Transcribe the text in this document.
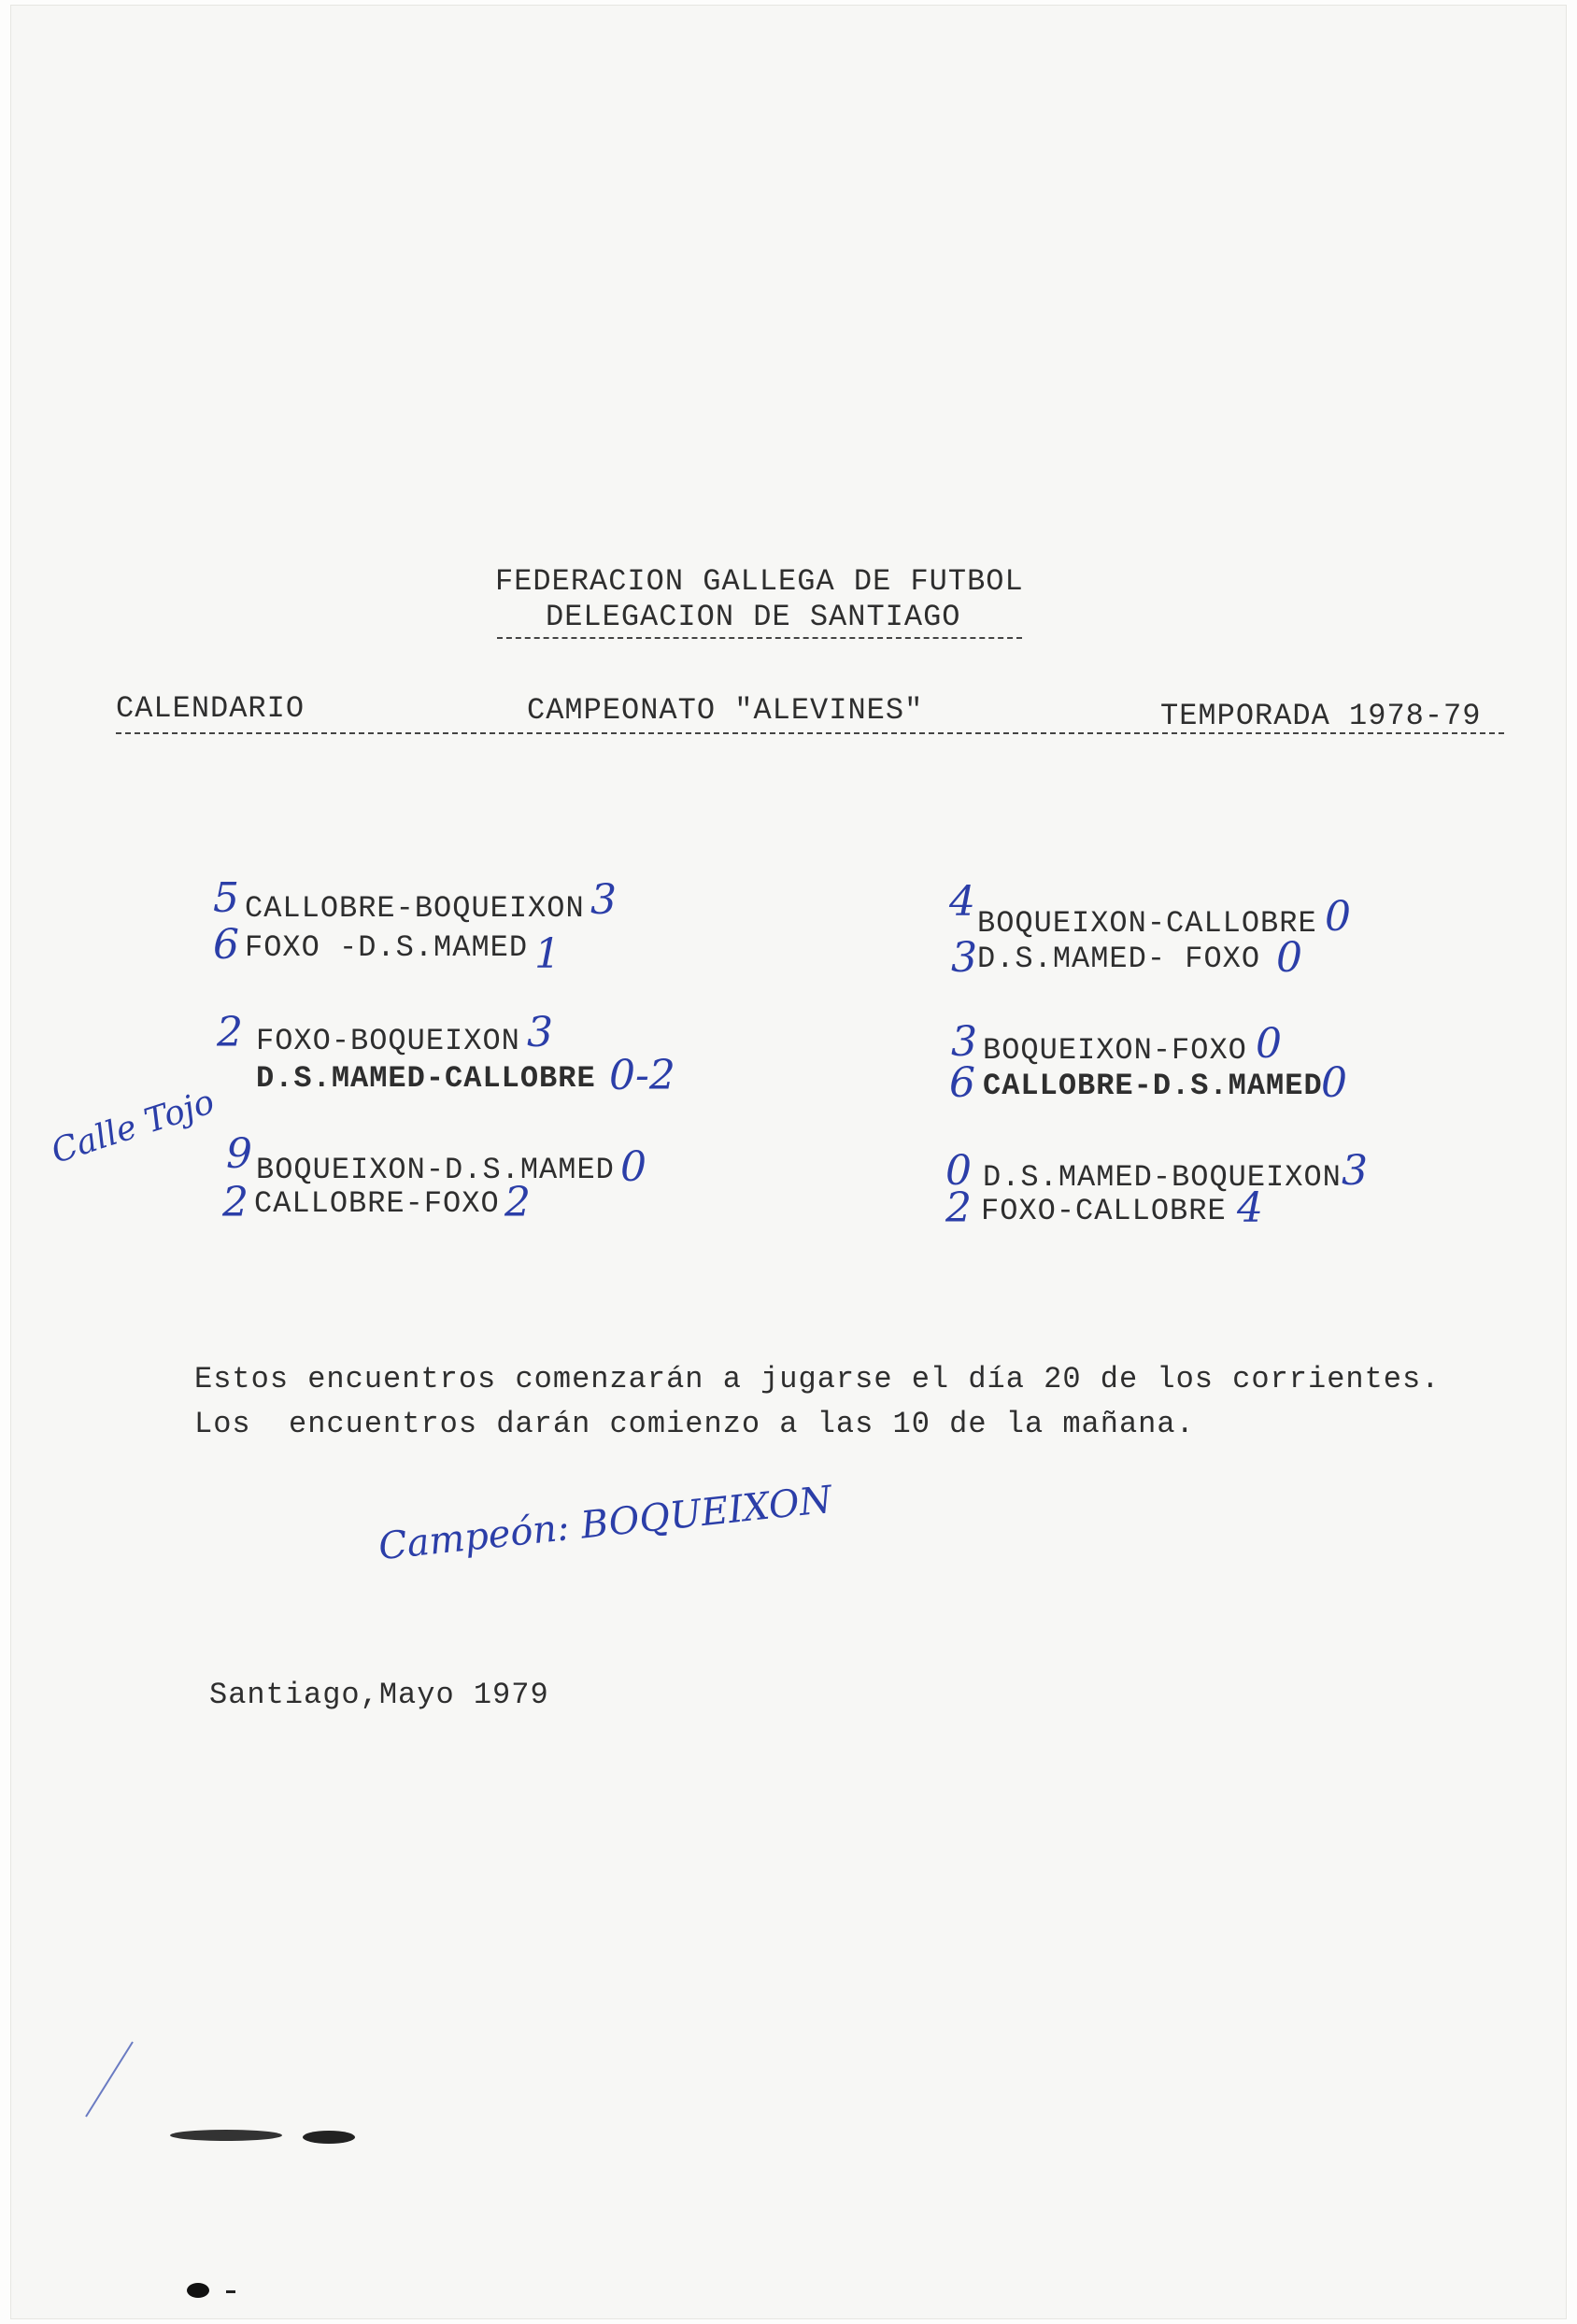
FEDERACION GALLEGA DE FUTBOL
DELEGACION DE SANTIAGO
CALENDARIO	CAMPEONATO "ALEVINES"	TEMPORADA 1978-79
5 CALLOBRE-BOQUEIXON 3
6 FOXO -D.S.MAMED 1
4 BOQUEIXON-CALLOBRE 0
3 D.S.MAMED- FOXO 0
2 FOXO-BOQUEIXON 3
D.S.MAMED-CALLOBRE 0-2
3 BOQUEIXON-FOXO 0
6 CALLOBRE-D.S.MAMED
0
Calle Tojo 9 BOQUEIXON-D.S.MAMED 0
2 CALLOBRE-FOXO 2
0 D.S.MAMED-BOQUEIXON 3
2 FOXO-CALLOBRE 4
Estos encuentros comenzarán a jugarse el día 20 de los corrientes.
Los  encuentros darán comienzo a las 10 de la mañana.
Campeón: BOQUEIXON
Santiago,Mayo 1979
